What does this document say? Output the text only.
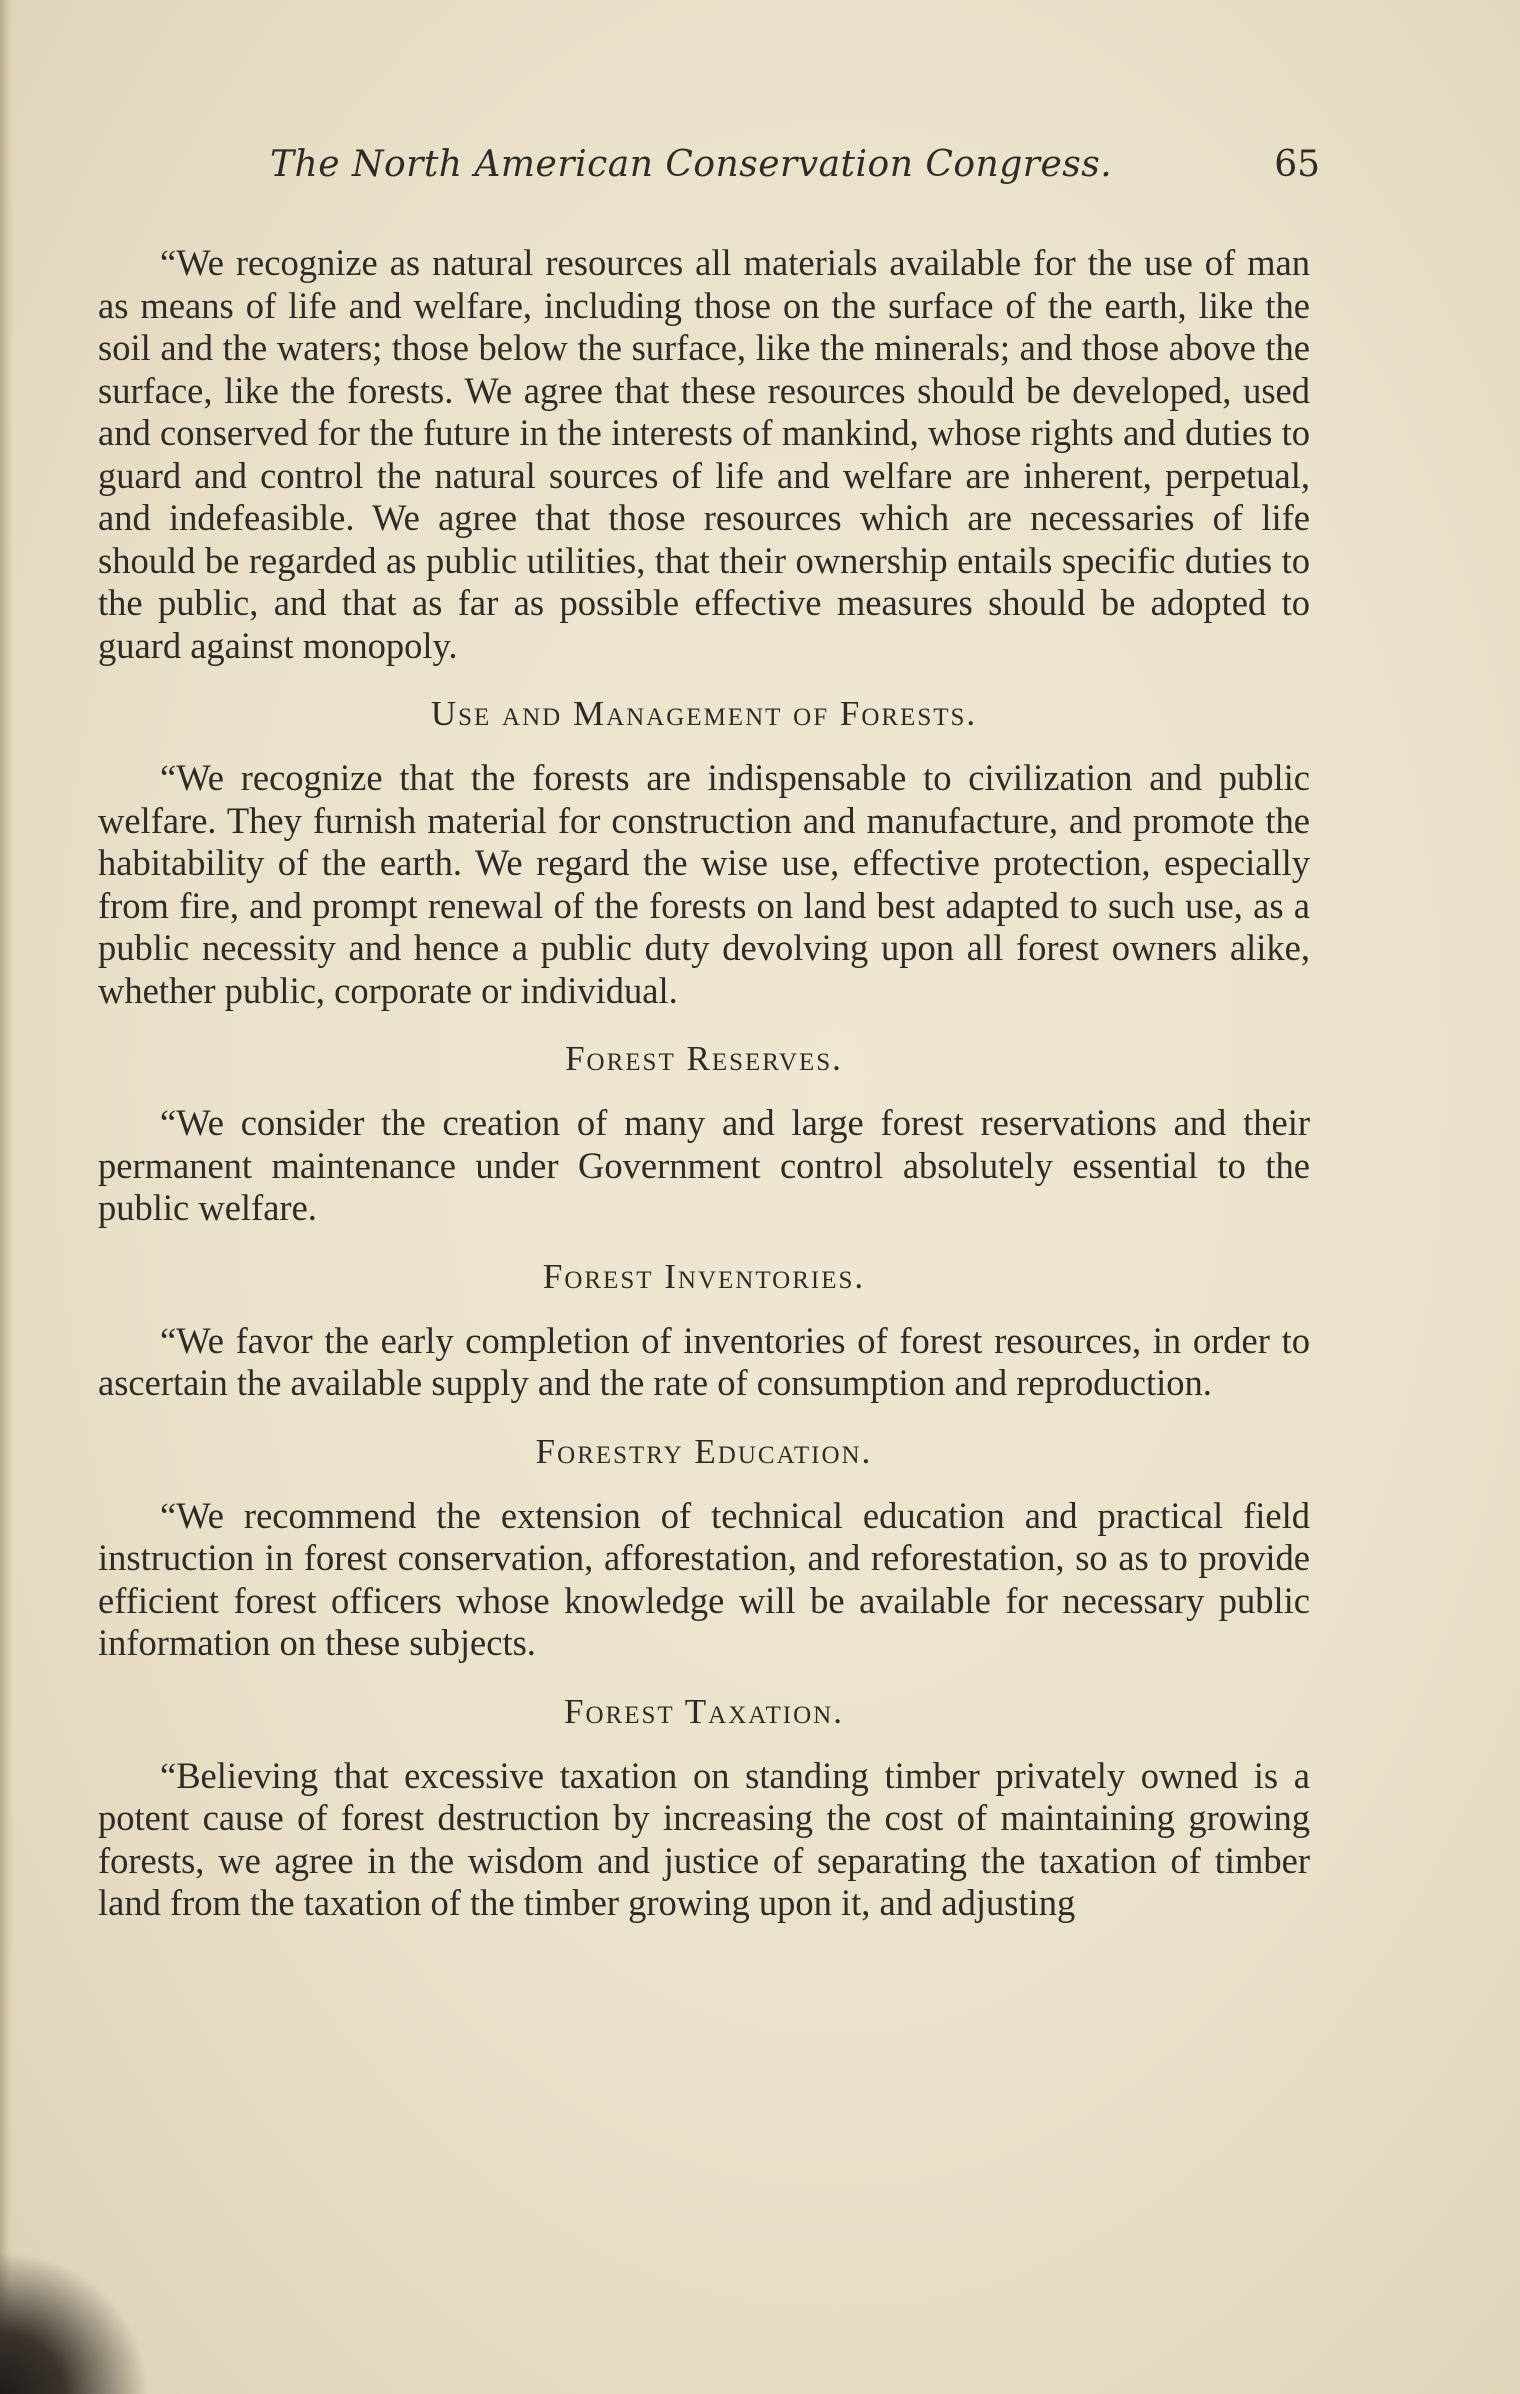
The North American Conservation Congress.	65

“We recognize as natural resources all materials available for the use of man as means of life and welfare, including those on the surface of the earth, like the soil and the waters; those below the surface, like the minerals; and those above the surface, like the forests. We agree that these resources should be developed, used and conserved for the future in the interests of mankind, whose rights and duties to guard and control the natural sources of life and welfare are inherent, perpetual, and indefeasible. We agree that those resources which are necessaries of life should be regarded as public utilities, that their ownership entails specific duties to the public, and that as far as possible effective measures should be adopted to guard against monopoly.

Use and Management of Forests.

“We recognize that the forests are indispensable to civilization and public welfare. They furnish material for construction and manufacture, and promote the habitability of the earth. We regard the wise use, effective protection, especially from fire, and prompt renewal of the forests on land best adapted to such use, as a public necessity and hence a public duty devolving upon all forest owners alike, whether public, corporate or individual.

Forest Reserves.

“We consider the creation of many and large forest reservations and their permanent maintenance under Government control absolutely essential to the public welfare.

Forest Inventories.

“We favor the early completion of inventories of forest resources, in order to ascertain the available supply and the rate of consumption and reproduction.

Forestry Education.

“We recommend the extension of technical education and practical field instruction in forest conservation, afforestation, and reforestation, so as to provide efficient forest officers whose knowledge will be available for necessary public information on these subjects.

Forest Taxation.

“Believing that excessive taxation on standing timber privately owned is a potent cause of forest destruction by increasing the cost of maintaining growing forests, we agree in the wisdom and justice of separating the taxation of timber land from the taxation of the timber growing upon it, and adjusting
